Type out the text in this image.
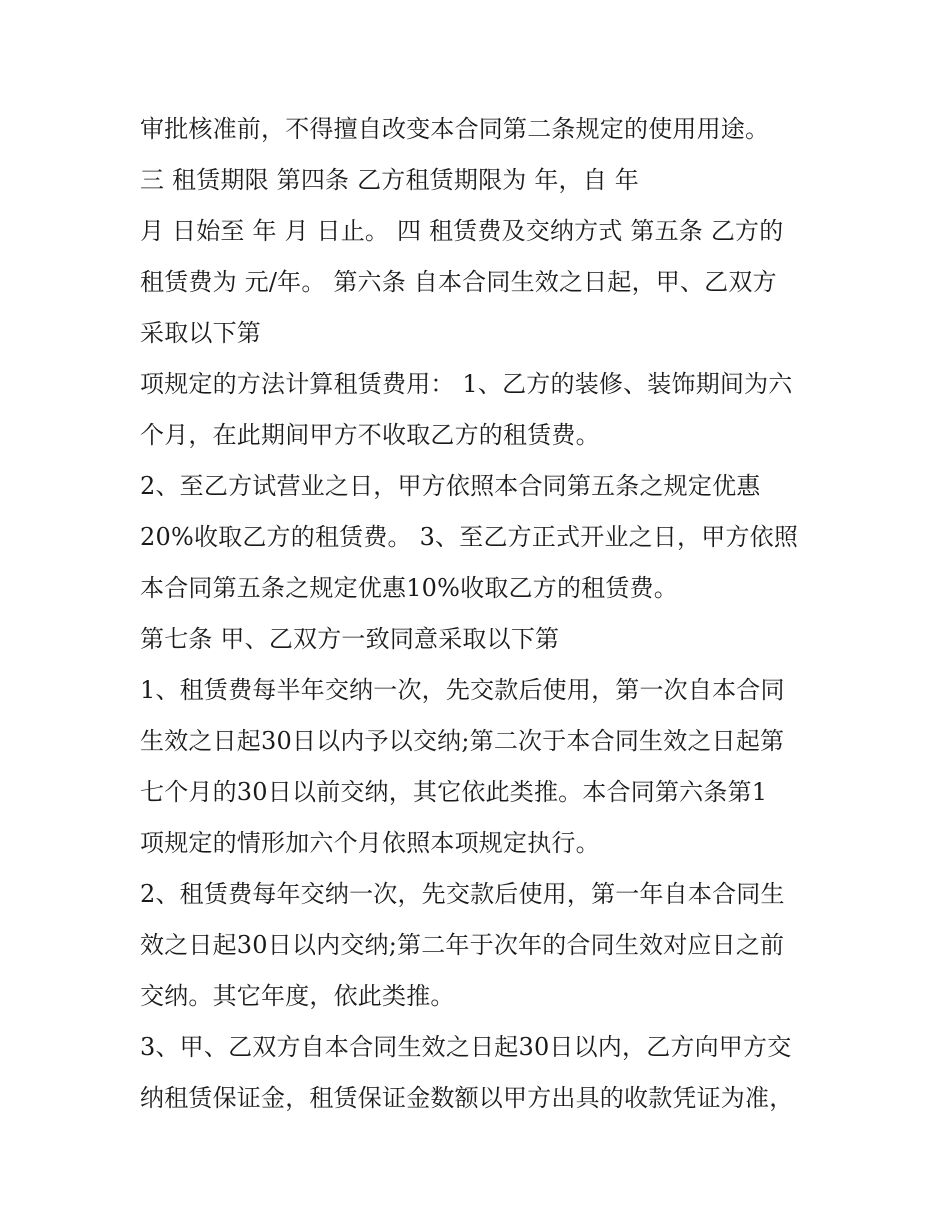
审批核准前，不得擅自改变本合同第二条规定的使用用途。
三 租赁期限 第四条 乙方租赁期限为 年，自 年
月 日始至 年 月 日止。 四 租赁费及交纳方式 第五条 乙方的
租赁费为 元/年。 第六条 自本合同生效之日起，甲、乙双方
采取以下第
项规定的方法计算租赁费用： 1、乙方的装修、装饰期间为六
个月，在此期间甲方不收取乙方的租赁费。
2、至乙方试营业之日，甲方依照本合同第五条之规定优惠
20%收取乙方的租赁费。 3、至乙方正式开业之日，甲方依照
本合同第五条之规定优惠10%收取乙方的租赁费。
第七条 甲、乙双方一致同意采取以下第
1、租赁费每半年交纳一次，先交款后使用，第一次自本合同
生效之日起30日以内予以交纳;第二次于本合同生效之日起第
七个月的30日以前交纳，其它依此类推。本合同第六条第1
项规定的情形加六个月依照本项规定执行。
2、租赁费每年交纳一次，先交款后使用，第一年自本合同生
效之日起30日以内交纳;第二年于次年的合同生效对应日之前
交纳。其它年度，依此类推。
3、甲、乙双方自本合同生效之日起30日以内，乙方向甲方交
纳租赁保证金，租赁保证金数额以甲方出具的收款凭证为准，
